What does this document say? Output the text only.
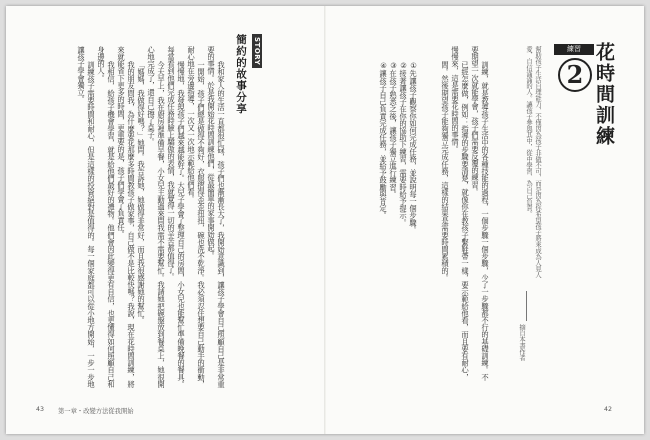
練習
2 花時間訓練

幫助孩子生活自理能力，不僅因為孩子非做不可，而是因為你希望孩子將來成為人見人愛、自信滿滿的人。讓孩子參與其中，從中學習、為自己負責。

摘自本書作者

訓練，就是教導孩子生活中的各種技能的過程，一個步驟一個步驟，少了一步驟都不行的基礎訓練。不要期望一次就能學會，孩子們需要反覆的練習。

已經怎麼做，例如：指導的步驟要清楚，就像你在教孩子繫鞋帶一樣，要示範給他看，而且要有耐心，慢慢來，這是需要花時間的事情。

間。然後期望孩子能夠獨立完成任務，這樣的結果是需要時間累積的。

①先讓孩子觀察你如何完成任務，並說明每一個步驟。

②接著讓孩子在你的協助下練習，需要時給予提示。

③在孩子熟悉之後，讓孩子獨立進行練習。

④讓孩子自己負責完成任務，並給予鼓勵與肯定。

STORY
簡約的故事分享

我和家人的生活一直都很忙碌，孩子們也漸漸長大了，我開始意識到，讓孩子學會自己照顧自己是非常重要的事情。於是我開始花時間訓練他們，從最簡單的家事開始做起。

一開始，孩子們總是做得不夠好，衣服摺得歪歪扭扭，碗也洗不乾淨。我必須忍住想要自己動手的衝動，耐心地在旁邊指導，一次又一次地示範給他們看。

慢慢地，我發現孩子們越來越能幹了。大兒子學會了整理自己的房間，小女兒也能幫忙準備晚餐的餐具。每當看到他們完成任務時臉上驕傲的表情，我就覺得一切的辛苦都值得了。

今天早上，我在廚房裡準備早餐，小女兒主動過來問我需不需要幫忙。我請她把碗盤放到餐桌上，她很開心地完成了，還自己擦了桌子。

「媽媽，我做得好嗎？」她問。我告訴她，她做得非常好，而且我很感謝她的幫忙。

我的朋友問我，為什麼要花那麼多時間教孩子做家事，自己做不是比較快嗎？我說，現在花時間訓練，將來就能省下更多的時間，更重要的是，孩子們學會了負責任。

我相信，給孩子機會學習，就是給他們最好的禮物。他們會因此變得更有自信，也更懂得如何照顧自己和身邊的人。

訓練孩子需要時間和耐心，但是這樣的投資絕對是值得的。每一個家庭都可以從小地方開始，一步一步地讓孩子學會獨立。

43 第一章・改變方法從我開始	42
